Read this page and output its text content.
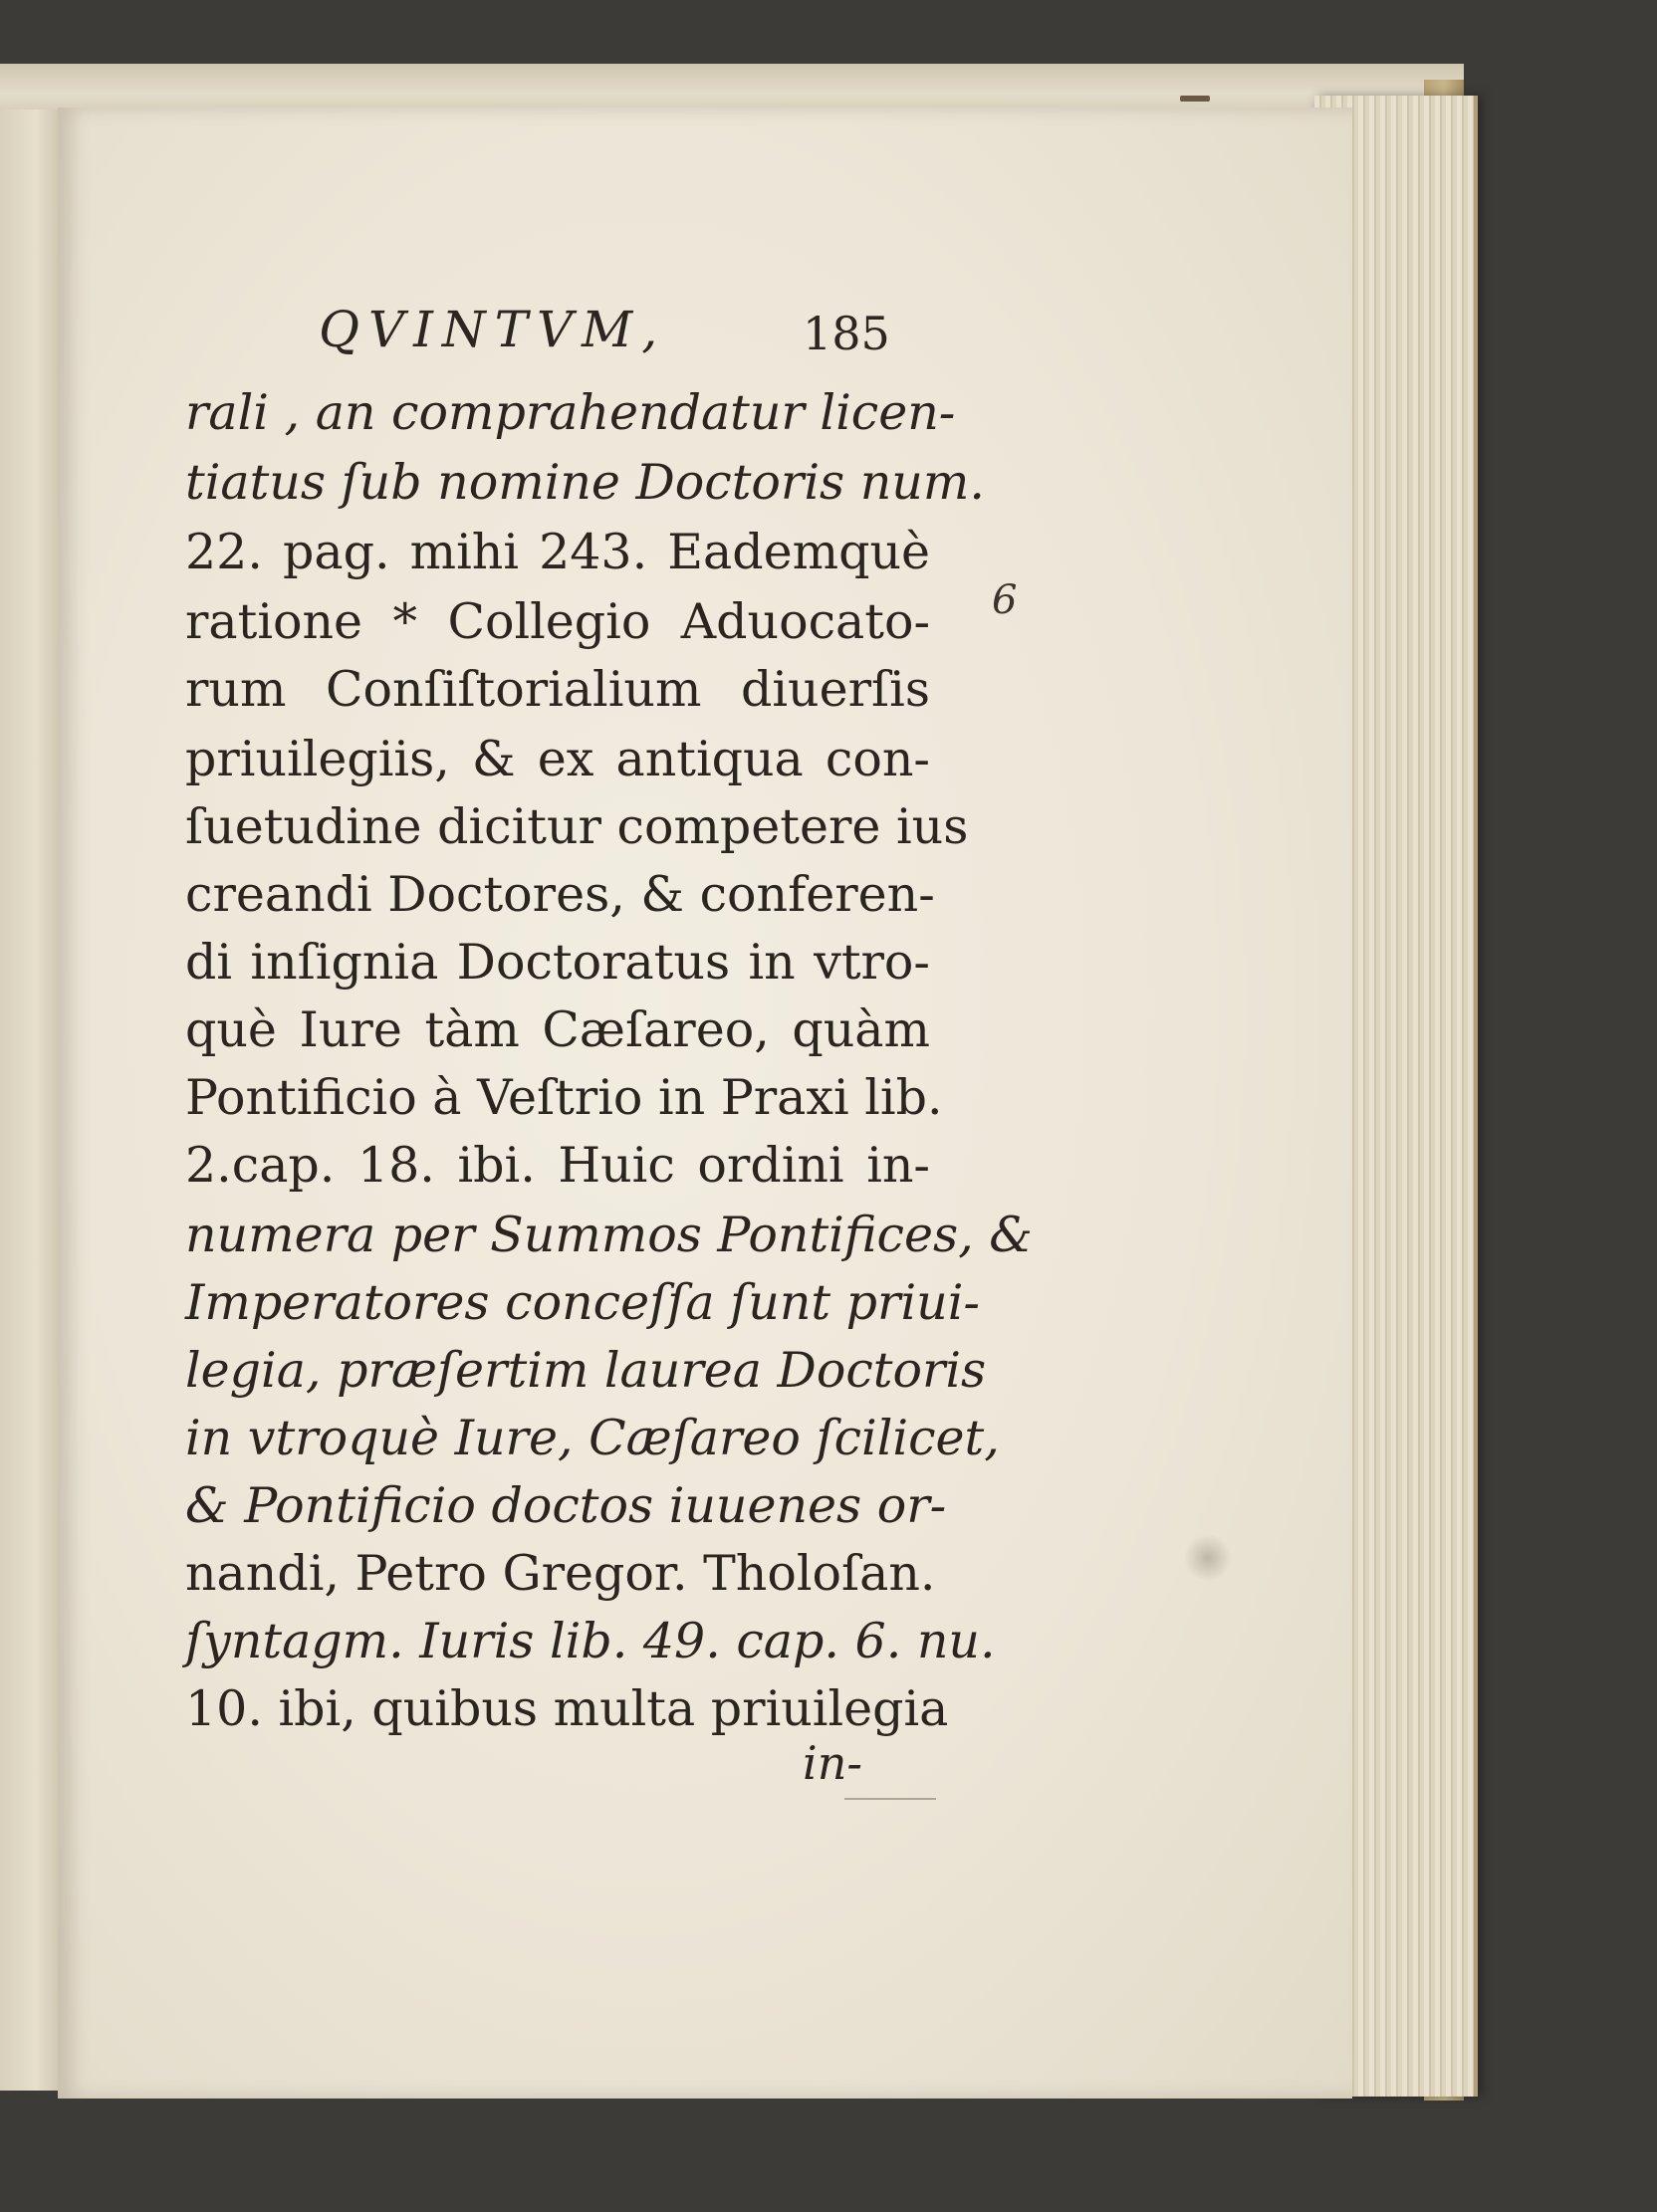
QVINTVM,	185
rali , an comprahendatur licen-
tiatus ſub nomine Doctoris num.
22. pag. mihi 243. Eademquè
ratione * Collegio Aduocato-
rum Conſiſtorialium diuerſis
priuilegiis, & ex antiqua con-
ſuetudine dicitur competere ius
creandi Doctores, & conferen-
di inſignia Doctoratus in vtro-
què Iure tàm Cæſareo, quàm
Pontificio à Veſtrio in Praxi lib.
2.cap. 18. ibi. Huic ordini in-
numera per Summos Pontifices, &
Imperatores conceſſa ſunt priui-
legia, præſertim laurea Doctoris
in vtroquè Iure, Cæſareo ſcilicet,
& Pontificio doctos iuuenes or-
nandi, Petro Gregor. Tholoſan.
ſyntagm. Iuris lib. 49. cap. 6. nu.
10. ibi, quibus multa priuilegia
6
in-
